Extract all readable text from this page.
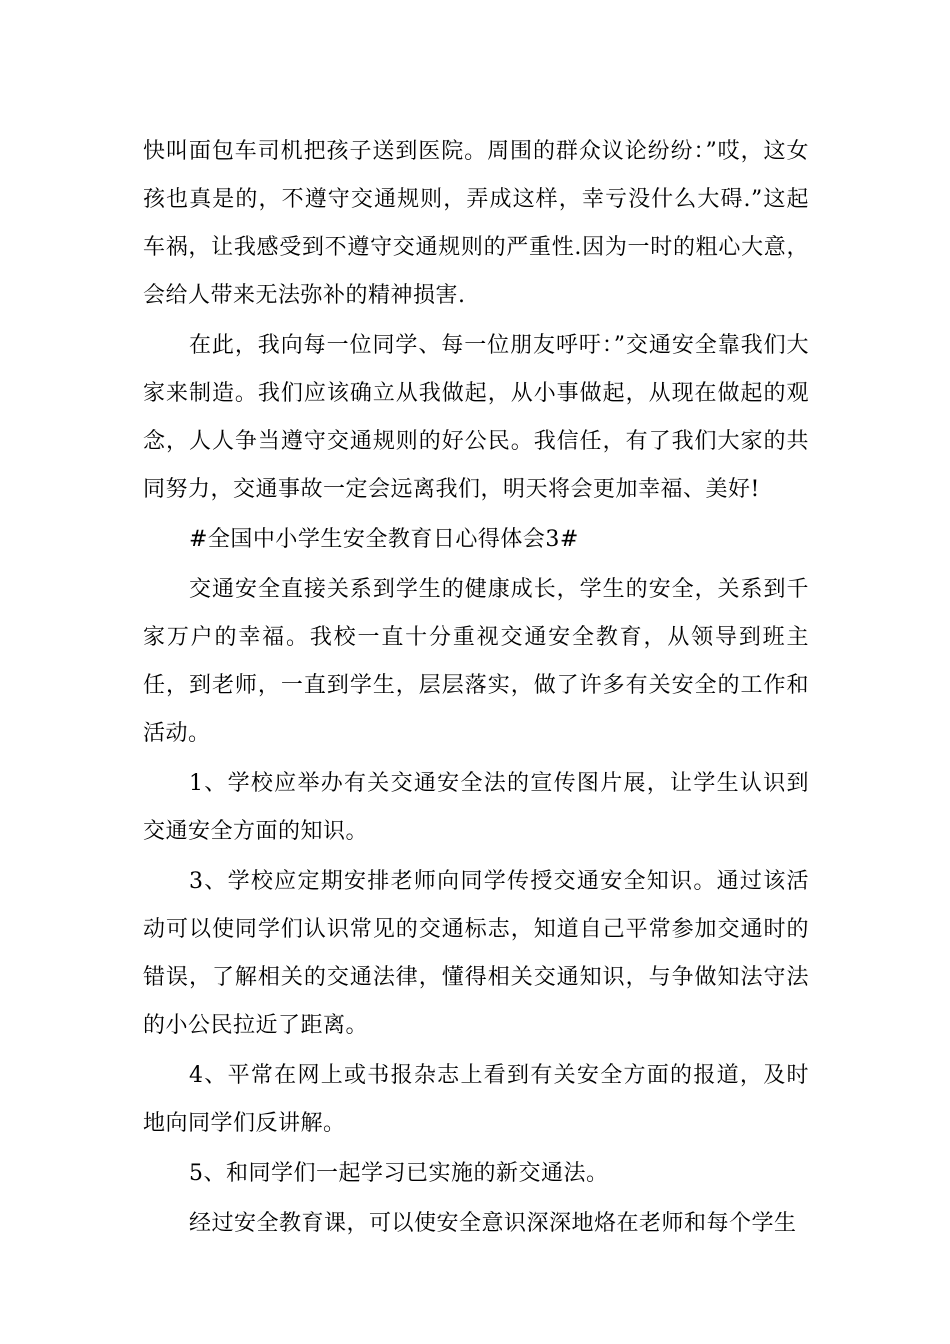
快叫面包车司机把孩子送到医院。周围的群众议论纷纷：”哎，这女孩也真是的，不遵守交通规则，弄成这样，幸亏没什么大碍.”这起车祸，让我感受到不遵守交通规则的严重性.因为一时的粗心大意，会给人带来无法弥补的精神损害.

在此，我向每一位同学、每一位朋友呼吁：”交通安全靠我们大家来制造。我们应该确立从我做起，从小事做起，从现在做起的观念，人人争当遵守交通规则的好公民。我信任，有了我们大家的共同努力，交通事故一定会远离我们，明天将会更加幸福、美好!

#全国中小学生安全教育日心得体会3#

交通安全直接关系到学生的健康成长，学生的安全，关系到千家万户的幸福。我校一直十分重视交通安全教育，从领导到班主任，到老师，一直到学生，层层落实，做了许多有关安全的工作和活动。

1、学校应举办有关交通安全法的宣传图片展，让学生认识到交通安全方面的知识。

3、学校应定期安排老师向同学传授交通安全知识。通过该活动可以使同学们认识常见的交通标志，知道自己平常参加交通时的错误，了解相关的交通法律，懂得相关交通知识，与争做知法守法的小公民拉近了距离。

4、平常在网上或书报杂志上看到有关安全方面的报道，及时地向同学们反讲解。

5、和同学们一起学习已实施的新交通法。

经过安全教育课，可以使安全意识深深地烙在老师和每个学生
